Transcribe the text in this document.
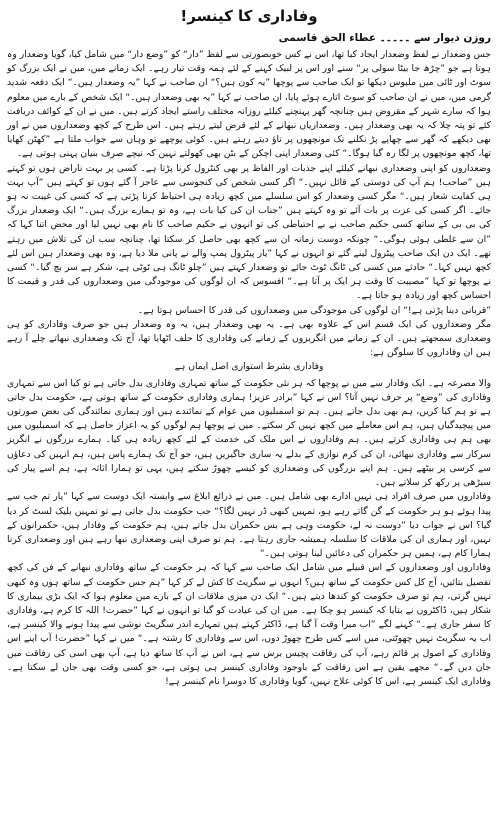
وفاداری کا کینسر!
روزن دیوار سے ۔۔۔۔۔ عطاء الحق قاسمی

جس وضعدار نے لفظ وضعدار ایجاد کیا تھا، اس نے کس خوبصورتی سے لفظ ”دار“ کو ”وضع دار“ میں شامل کیا، گویا وضعدار وہ ہوتا ہے جو ”چڑھ جا بیٹا سولی پر“ سنے اور اس پر لبیک کہنے کے لئے ہمہ وقت تیار رہے۔ ایک زمانے میں، میں نے ایک بزرگ کو سوٹ اور ٹائی میں ملبوس دیکھا تو ایک صاحب سے پوچھا ”یہ کون ہیں؟“ ان صاحب نے کہا ”یہ وضعدار ہیں۔“ ایک دفعہ شدید گرمی میں، میں نے ان صاحب کو سوٹ اتارے ہوئے پایا، ان صاحب نے کہا ”یہ بھی وضعدار ہیں۔“ ایک شخص کے بارے میں معلوم ہوا کہ سارے شہر کے مقروض ہیں چنانچہ گھر پہنچنے کیلئے روزانہ مختلف راستے ایجاد کرتے ہیں۔ میں نے ان کے کوائف دریافت کئے تو پتہ چلا کہ یہ بھی وضعدار ہیں۔ وضعداریاں نبھانے کے لئے قرض لیتے رہتے ہیں۔ اس طرح کے کچھ وضعداروں میں نے اور بھی دیکھے کہ گھر سے چھاپے پڑ نکلنے تک مونچھوں پر تاؤ دیتے رہتے ہیں۔ کوئی پوچھے تو وہاں سے جواب ملتا ہے ”کھٹن کھایا تھا، کچھ مونچھوں پر لگا رہ گیا ہوگا۔“ کئی وضعدار اپنی اچکن کے بٹن بھی کھولتے نہیں کہ نیچے صرف بنیان پہنی ہوتی ہے۔

وضعداروں کو اپنی وضعداری نبھانے کیلئے اپنے جذبات اور الفاظ پر بھی کنٹرول کرنا پڑتا ہے۔ کسی پر بہت ناراض ہوں تو کہتے ہیں ”صاحب! ہم آپ کی دوستی کے قائل نہیں۔“ اگر کسی شخص کی کنجوسی سے عاجز آ گئے ہوں تو کہتے ہیں ”آپ بہت ہی کفایت شعار ہیں۔“ مگر کسی وضعدار کو اس سلسلے میں کچھ زیادہ ہی احتیاط کرنا پڑتی ہے کہ کسی کی غیبت نہ ہو جائے۔ اگر کسی کی عزت پر بات آئے تو وہ کہتے ہیں ”جناب ان کی کیا بات ہے، وہ تو ہمارے بزرگ ہیں۔“ ایک وضعدار بزرگ کی بی بی کے ساتھ کسی حکیم صاحب نے بے احتیاطی کی تو انہوں نے حکیم صاحب کا نام بھی نہیں لیا اور محض اتنا کہا کہ ”ان سے غلطی ہوئی ہوگی۔“ چونکہ دوست زمانہ ان سے کچھ بھی حاصل کر سکتا تھا، چنانچہ سب ان کی تلاش میں رہتے تھے۔ ایک دن ایک صاحب پیٹرول لینے گئے تو انہوں نے کہا ”یار پیٹرول پمپ والے نے پانی ملا دیا ہے، وہ بھی وضعدار ہیں اس لئے کچھ نہیں کہا۔“ حادثے میں کسی کی ٹانگ ٹوٹ جائے تو وضعدار کہتے ہیں ”چلو ٹانگ ہی ٹوٹی ہے، شکر ہے سر بچ گیا۔“ کسی نے پوچھا تو کہا ”مصیبت کا وقت ہر ایک پر آتا ہے۔“ افسوس کہ ان لوگوں کی موجودگی میں وضعداروں کی قدر و قیمت کا احساس کچھ اور زیادہ ہو جاتا ہے۔

”قربانی دینا پڑتی ہے!“ ان لوگوں کی موجودگی میں وضعداروں کی قدر کا احساس ہوتا ہے۔

مگر وضعداروں کی ایک قسم اس کے علاوہ بھی ہے۔ یہ بھی وضعدار ہیں، یہ وہ وضعدار ہیں جو صرف وفاداری کو ہی وضعداری سمجھتے ہیں۔ ان کے زمانے میں انگریزوں کے زمانے کی وفاداری کا حلف اٹھایا تھا، آج تک وضعداری نبھاتے چلے آ رہے ہیں ان وفاداروں کا سلوگن ہے:

وفاداری بشرط استواری اصل ایماں ہے

والا مصرعہ ہے۔ ایک وفادار سے میں نے پوچھا کہ ہر نئی حکومت کے ساتھ تمہاری وفاداری بدل جاتی ہے تو کیا اس سے تمہاری وفاداری کی ”وضع“ پر حرف نہیں آتا؟ اس نے کہا ”برادر عزیز! ہماری وفاداری حکومت کے ساتھ ہوتی ہے، حکومت بدل جاتی ہے تو ہم کیا کریں، ہم بھی بدل جاتے ہیں۔ ہم تو اسمبلیوں میں عوام کے نمائندے ہیں اور ہماری نمائندگی کی بعض صورتوں میں پیچیدگیاں ہیں، ہم اس معاملے میں کچھ نہیں کر سکتے۔ میں نے پوچھا ہم لوگوں کو یہ اعزاز حاصل ہے کہ اسمبلیوں میں بھی ہم ہی وفاداری کرتے ہیں۔ ہم وفاداروں نے اس ملک کی خدمت کے لئے کچھ زیادہ ہی کیا۔ ہمارے بزرگوں نے انگریز سرکار سے وفاداری نبھائی، ان کی کرم نوازی کے بدلے یہ ساری جاگیریں ہیں، جو آج تک ہمارے پاس ہیں، ہم انہیں کی دعاؤں سے کرسی پر بیٹھے ہیں۔ ہم اپنے بزرگوں کی وضعداری کو کیسے چھوڑ سکتے ہیں، یہی تو ہمارا اثاثہ ہے، ہم اسے پیار کی سیڑھی پر رکھ کر سلاتے ہیں۔

وفاداروں میں صرف افراد ہی نہیں ادارے بھی شامل ہیں۔ میں نے ذرائع ابلاغ سے وابستہ ایک دوست سے کہا ”یار تم جب سے پیدا ہوئے ہو ہر حکومت کے گن گاتے رہے ہو، تمہیں کبھی ڈر نہیں لگا؟“ جب حکومت بدل جاتی ہے تو تمہیں بلیک لسٹ کر دیا گیا؟ اس نے جواب دیا ”دوست نہ لے، حکومت وہی ہے بس حکمران بدل جاتے ہیں، ہم حکومت کے وفادار ہیں، حکمرانوں کے نہیں، اور ہماری ان کی ملاقات کا سلسلہ ہمیشہ جاری رہتا ہے۔ ہم تو صرف اپنی وضعداری نبھا رہے ہیں اور وضعداری کرنا ہمارا کام ہے، ہمیں ہر حکمران کی دعائیں لینا ہوتی ہیں۔“

وفاداروں اور وضعداروں کے اس قبیلے میں شامل ایک صاحب سے کہا کہ ہر حکومت کے ساتھ وفاداری نبھانے کے فن کی کچھ تفصیل بتائیں، آج کل کس حکومت کے ساتھ ہیں؟ انہوں نے سگریٹ کا کش لے کر کہا ”ہم جس حکومت کے ساتھ ہوں وہ کبھی نہیں گرتی، ہم تو صرف حکومت کو کندھا دیتے ہیں۔“ ایک دن میری ملاقات ان کے بارے میں معلوم ہوا کہ ایک بڑی بیماری کا شکار ہیں، ڈاکٹروں نے بتایا کہ کینسر ہو چکا ہے۔ میں ان کی عیادت کو گیا تو انہوں نے کہا ”حضرت! اللہ کا کرم ہے، وفاداری کا سفر جاری ہے۔“ کہنے لگے ”اب میرا وقت آ گیا ہے، ڈاکٹر کہتے ہیں تمہارے اندر سگریٹ نوشی سے پیدا ہونے والا کینسر ہے، اب یہ سگریٹ نہیں چھوٹتی، میں اسے کس طرح چھوڑ دوں، اس سے وفاداری کا رشتہ ہے۔“ میں نے کہا ”حضرت! آپ اپنے اس وفاداری کے اصول پر قائم رہے، آپ کی رفاقت پچیس برس سے ہے، اس نے آپ کا ساتھ دیا ہے، آپ بھی اسی کی رفاقت میں جان دیں گے۔“ مجھے یقین ہے اس رفاقت کے باوجود وفاداری کینسر ہی ہوتی ہے، جو کسی وقت بھی جان لے سکتا ہے۔ وفاداری ایک کینسر ہے، اس کا کوئی علاج نہیں، گویا وفاداری کا دوسرا نام کینسر ہے!
